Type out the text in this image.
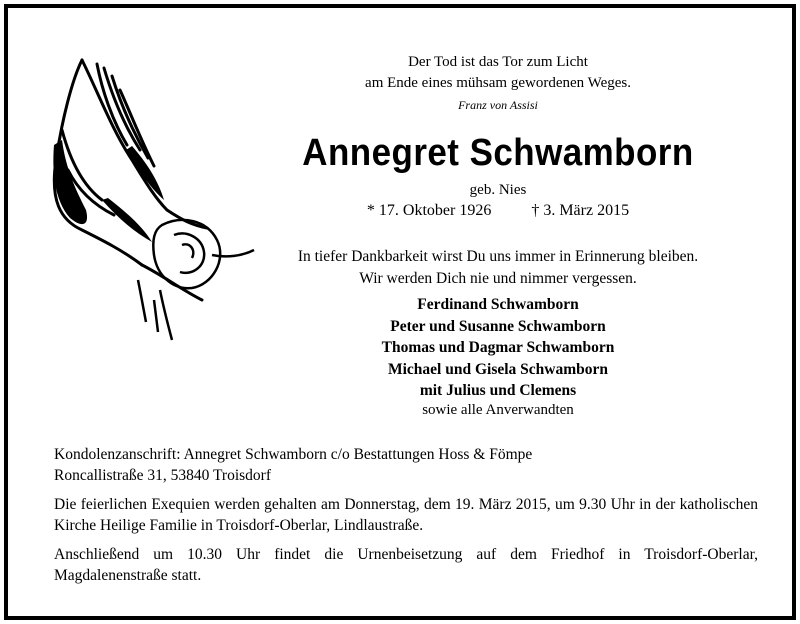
Der Tod ist das Tor zum Licht
am Ende eines mühsam gewordenen Weges.
Franz von Assisi
Annegret Schwamborn
geb. Nies
* 17. Oktober 1926	† 3. März 2015
In tiefer Dankbarkeit wirst Du uns immer in Erinnerung bleiben.
Wir werden Dich nie und nimmer vergessen.
Ferdinand Schwamborn
Peter und Susanne Schwamborn
Thomas und Dagmar Schwamborn
Michael und Gisela Schwamborn
mit Julius und Clemens
sowie alle Anverwandten
Kondolenzanschrift: Annegret Schwamborn c/o Bestattungen Hoss & Fömpe
Roncallistraße 31, 53840 Troisdorf
Die feierlichen Exequien werden gehalten am Donnerstag, dem 19. März 2015, um 9.30 Uhr in der katholischen Kirche Heilige Familie in Troisdorf-Oberlar, Lindlaustraße.
Anschließend um 10.30 Uhr findet die Urnenbeisetzung auf dem Friedhof in Troisdorf-Oberlar, Magdalenenstraße statt.
